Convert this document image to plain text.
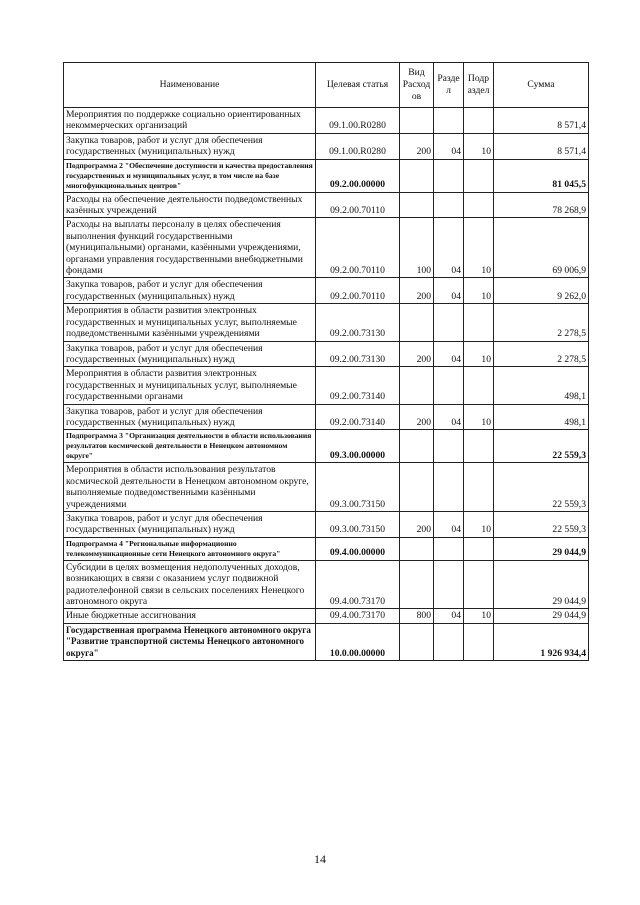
Наименование	Целевая статья	Вид Расход ов	Разде л	Подр аздел	Сумма
Мероприятия по поддержке социально ориентированных некоммерческих организаций	09.1.00.R0280				8 571,4
Закупка товаров, работ и услуг для обеспечения государственных (муниципальных) нужд	09.1.00.R0280	200	04	10	8 571,4
Подпрограмма 2 "Обеспечение доступности и качества предоставления государственных и муниципальных услуг, в том числе на базе многофункциональных центров"	09.2.00.00000				81 045,5
Расходы на обеспечение деятельности подведомственных казённых учреждений	09.2.00.70110				78 268,9
Расходы на выплаты персоналу в целях обеспечения выполнения функций государственными (муниципальными) органами, казёнными учреждениями, органами управления государственными внебюджетными фондами	09.2.00.70110	100	04	10	69 006,9
Закупка товаров, работ и услуг для обеспечения государственных (муниципальных) нужд	09.2.00.70110	200	04	10	9 262,0
Мероприятия в области развития электронных государственных и муниципальных услуг, выполняемые подведомственными казёнными учреждениями	09.2.00.73130				2 278,5
Закупка товаров, работ и услуг для обеспечения государственных (муниципальных) нужд	09.2.00.73130	200	04	10	2 278,5
Мероприятия в области развития электронных государственных и муниципальных услуг, выполняемые государственными органами	09.2.00.73140				498,1
Закупка товаров, работ и услуг для обеспечения государственных (муниципальных) нужд	09.2.00.73140	200	04	10	498,1
Подпрограмма 3 "Организация деятельности в области использования результатов космической деятельности в Ненецком автономном округе"	09.3.00.00000				22 559,3
Мероприятия в области использования результатов космической деятельности в Ненецком автономном округе, выполняемые подведомственными казёнными учреждениями	09.3.00.73150				22 559,3
Закупка товаров, работ и услуг для обеспечения государственных (муниципальных) нужд	09.3.00.73150	200	04	10	22 559,3
Подпрограмма 4 "Региональные информационно телекоммуникационные сети Ненецкого автономного округа"	09.4.00.00000				29 044,9
Субсидии в целях возмещения недополученных доходов, возникающих в связи с оказанием услуг подвижной радиотелефонной связи в сельских поселениях Ненецкого автономного округа	09.4.00.73170				29 044,9
Иные бюджетные ассигнования	09.4.00.73170	800	04	10	29 044,9
Государственная программа Ненецкого автономного округа "Развитие транспортной системы Ненецкого автономного округа"	10.0.00.00000				1 926 934,4
14
